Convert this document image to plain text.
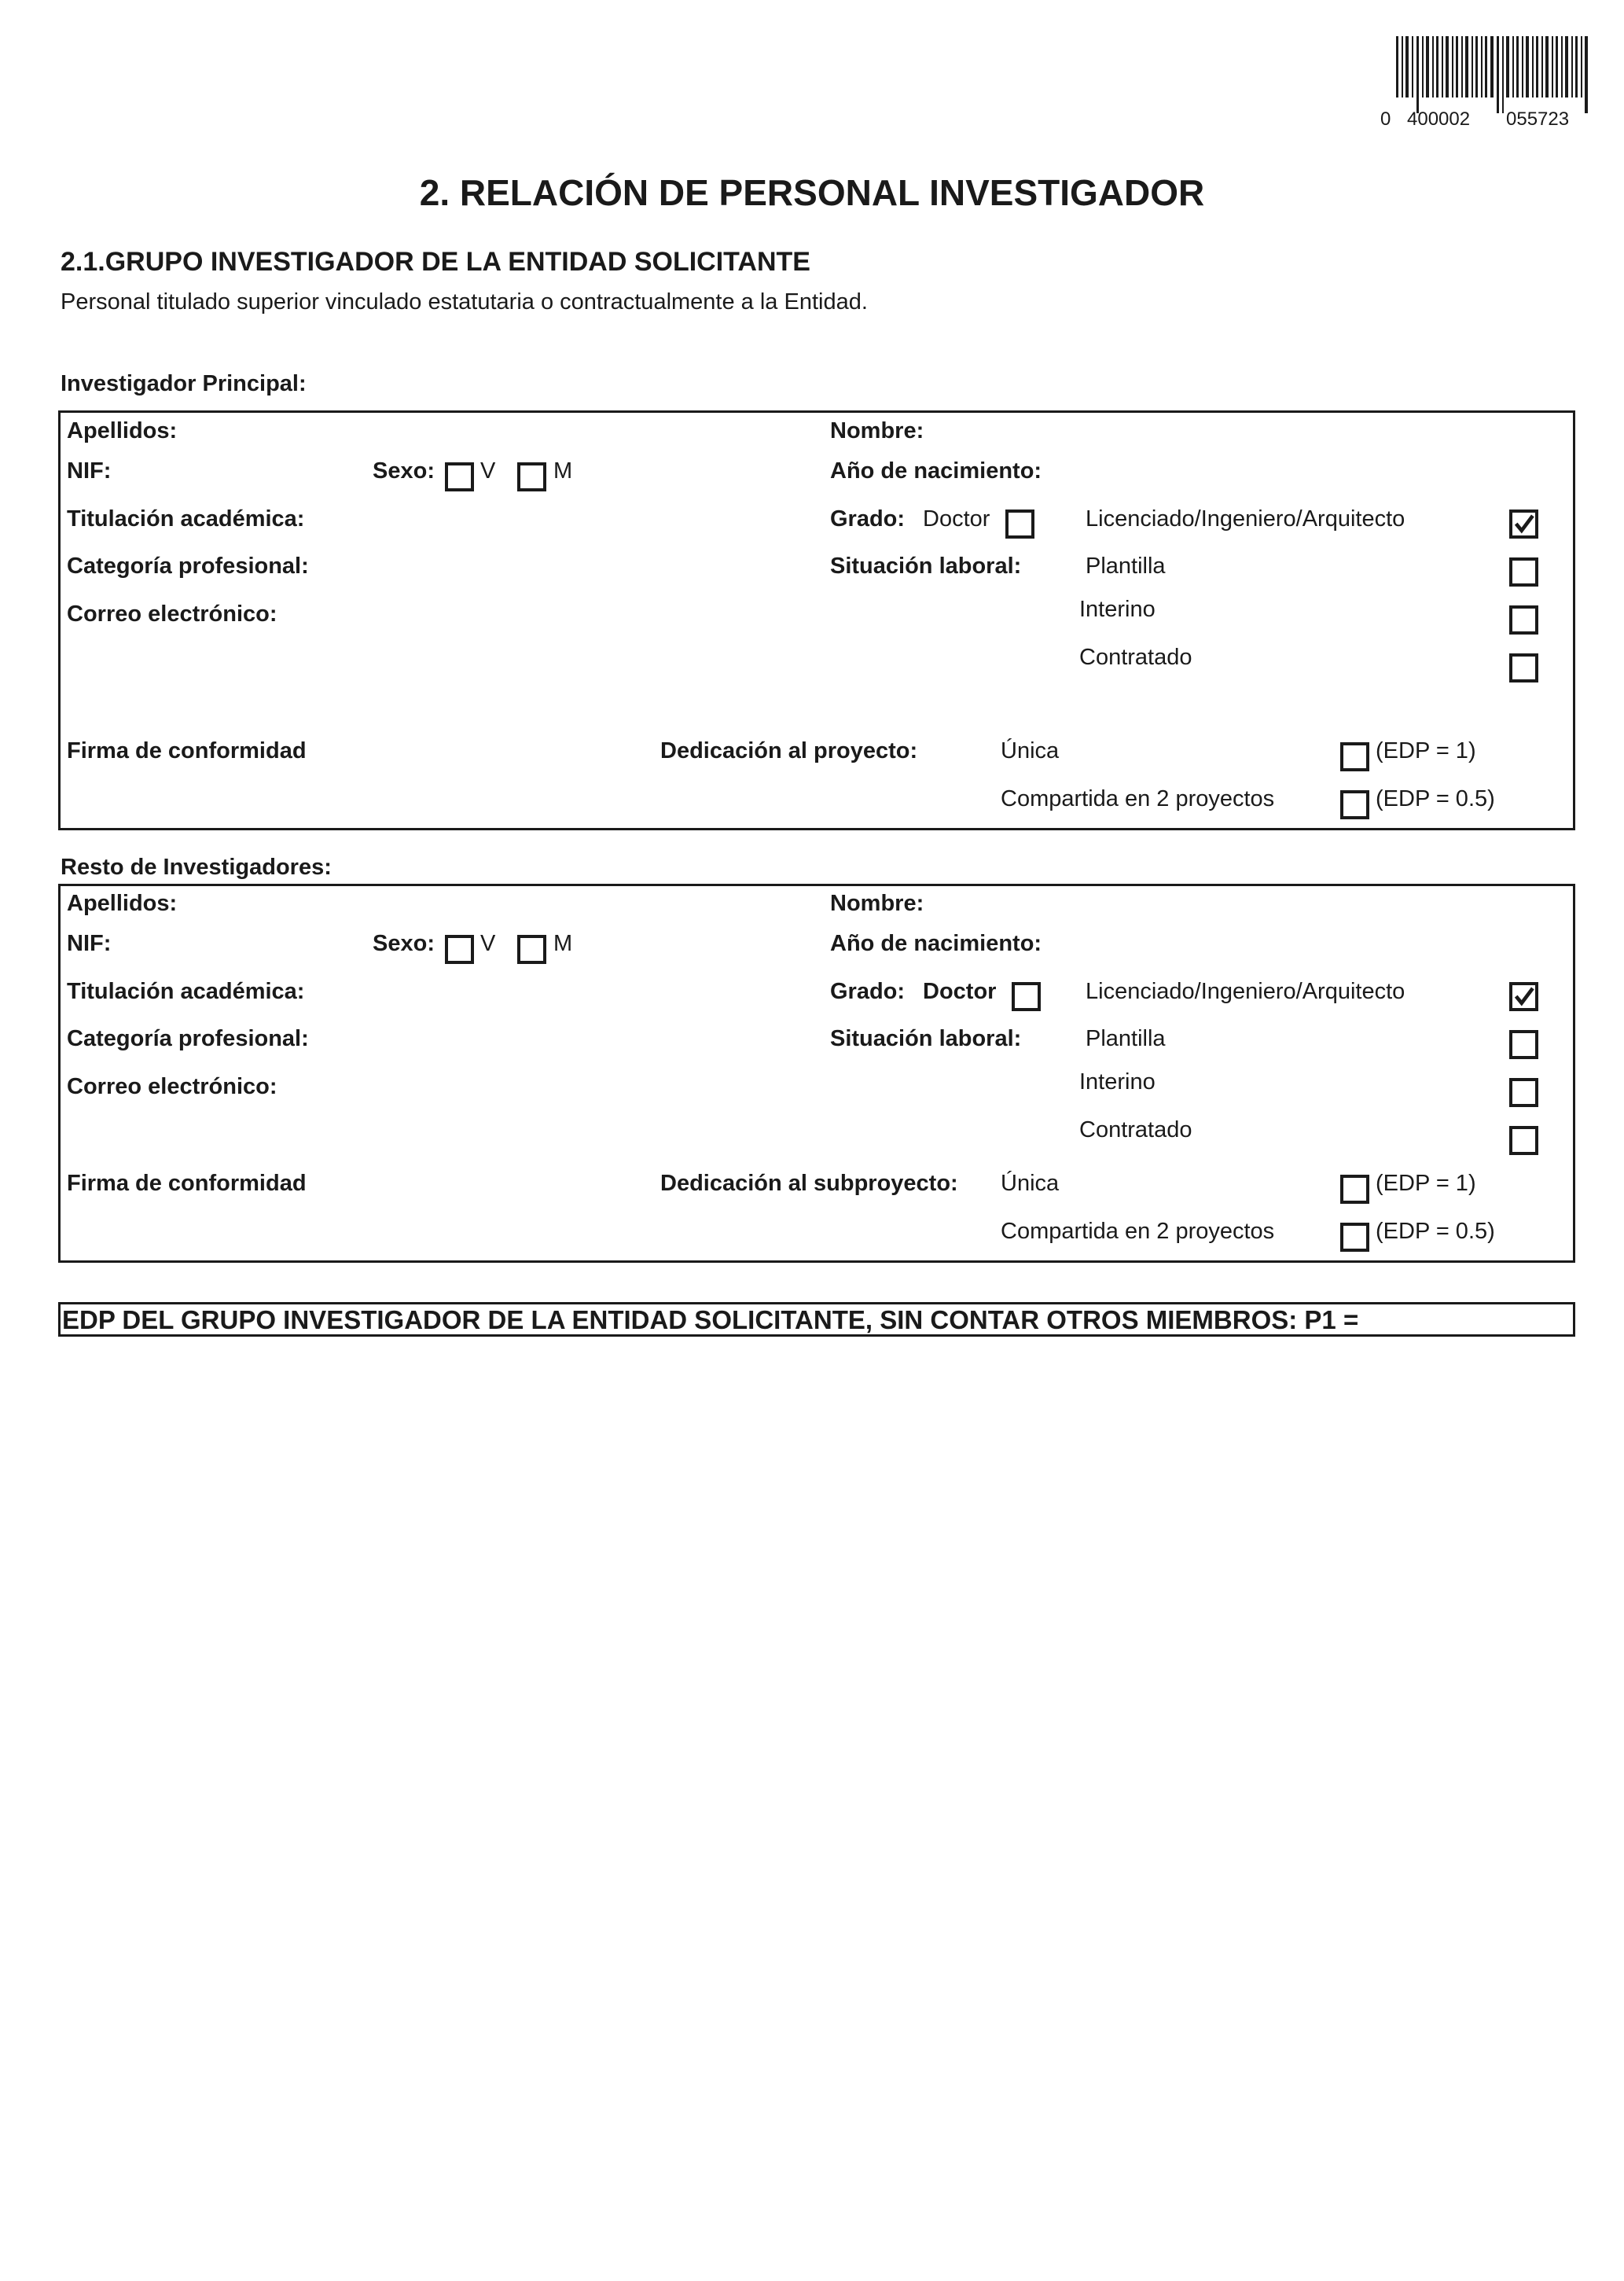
0 400002 055723
2. RELACIÓN DE PERSONAL INVESTIGADOR
2.1.GRUPO INVESTIGADOR DE LA ENTIDAD SOLICITANTE
Personal titulado superior vinculado estatutaria o contractualmente a la Entidad.
Investigador Principal:
Apellidos:	Nombre:
NIF:	Sexo: V	M	Año de nacimiento:
Titulación académica:	Grado: Doctor	Licenciado/Ingeniero/Arquitecto
Categoría profesional:	Situación laboral:	Plantilla
Correo electrónico:	Interino
Contratado
Firma de conformidad	Dedicación al proyecto:	Única	(EDP = 1)
Compartida en 2 proyectos	(EDP = 0.5)
Resto de Investigadores:
Apellidos:	Nombre:
NIF:	Sexo: V	M	Año de nacimiento:
Titulación académica:	Grado: Doctor	Licenciado/Ingeniero/Arquitecto
Categoría profesional:	Situación laboral:	Plantilla
Correo electrónico:	Interino
Contratado
Firma de conformidad	Dedicación al subproyecto: Única	(EDP = 1)
Compartida en 2 proyectos	(EDP = 0.5)
EDP DEL GRUPO INVESTIGADOR DE LA ENTIDAD SOLICITANTE, SIN CONTAR OTROS MIEMBROS: P1 =
